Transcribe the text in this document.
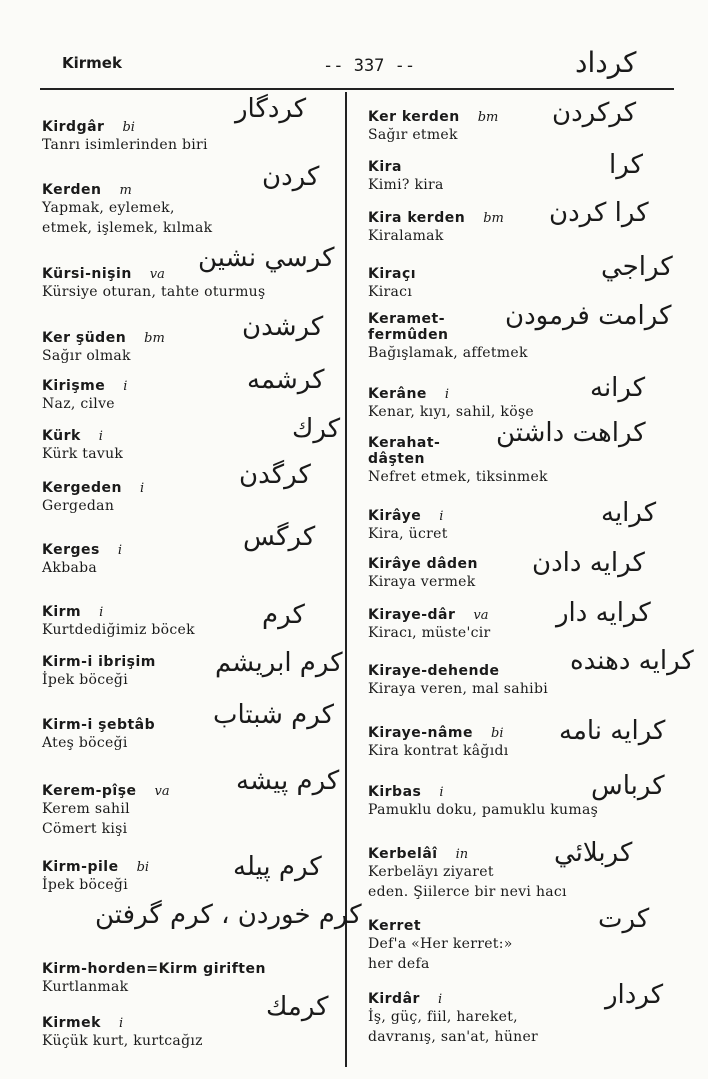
Kirmek	-- 337 --	كرداد
Kirdgâr bi
Tanrı isimlerinden biri
كردگار
Kerden m
Yapmak, eylemek,
etmek, işlemek, kılmak
كردن
Kürsi-nişin va
Kürsiye oturan, tahte oturmuş
كرسي نشين
Ker şüden bm
Sağır olmak
كرشدن
Kirişme i
Naz, cilve
كرشمه
Kürk i
Kürk tavuk
كرك
Kergeden i
Gergedan
كرگدن
Kerges i
Akbaba
كرگس
Kirm i
Kurtdediğimiz böcek	كرم
Kirm-i ibrişim
İpek böceği
كرم ابريشم
Kirm-i şebtâb
Ateş böceği
كرم شبتاب
Kerem-pîşe va
Kerem sahil
Cömert kişi
كرم پيشه
Kirm-pile bi
İpek böceği
كرم پيله
Kirm-horden=Kirm giriften
Kurtlanmak
كرم خوردن ، كرم گرفتن
Kirmek i
Küçük kurt, kurtcağız
كرمك
Ker kerden bm
Sağır etmek
كركردن
Kira
Kimi? kira
كرا
Kira kerden bm
Kiralamak
كرا كردن
Kiraçı
Kiracı
كراجي
Keramet-
fermûden
Bağışlamak, affetmek
كرامت فرمودن
Kerâne i
Kenar, kıyı, sahil, köşe
كرانه
Kerahat-
dâşten
Nefret etmek, tiksinmek
كراهت داشتن
Kirâye i
Kira, ücret
كرايه
Kirâye dâden
Kiraya vermek
كرايه دادن
Kiraye-dâr va
Kiracı, müste'cir
كرايه دار
Kiraye-dehende
Kiraya veren, mal sahibi
كرايه دهنده
Kiraye-nâme bi
Kira kontrat kâğıdı
كرايه نامه
Kirbas i
Pamuklu doku, pamuklu kumaş
كرباس
Kerbelâî in
Kerbeläyı ziyaret
eden. Şiilerce bir nevi hacı
كربلائي
Kerret
Def'a «Her kerret:»
her defa
كرت
Kirdâr i
İş, güç, fiil, hareket,
davranış, san'at, hüner
كردار
